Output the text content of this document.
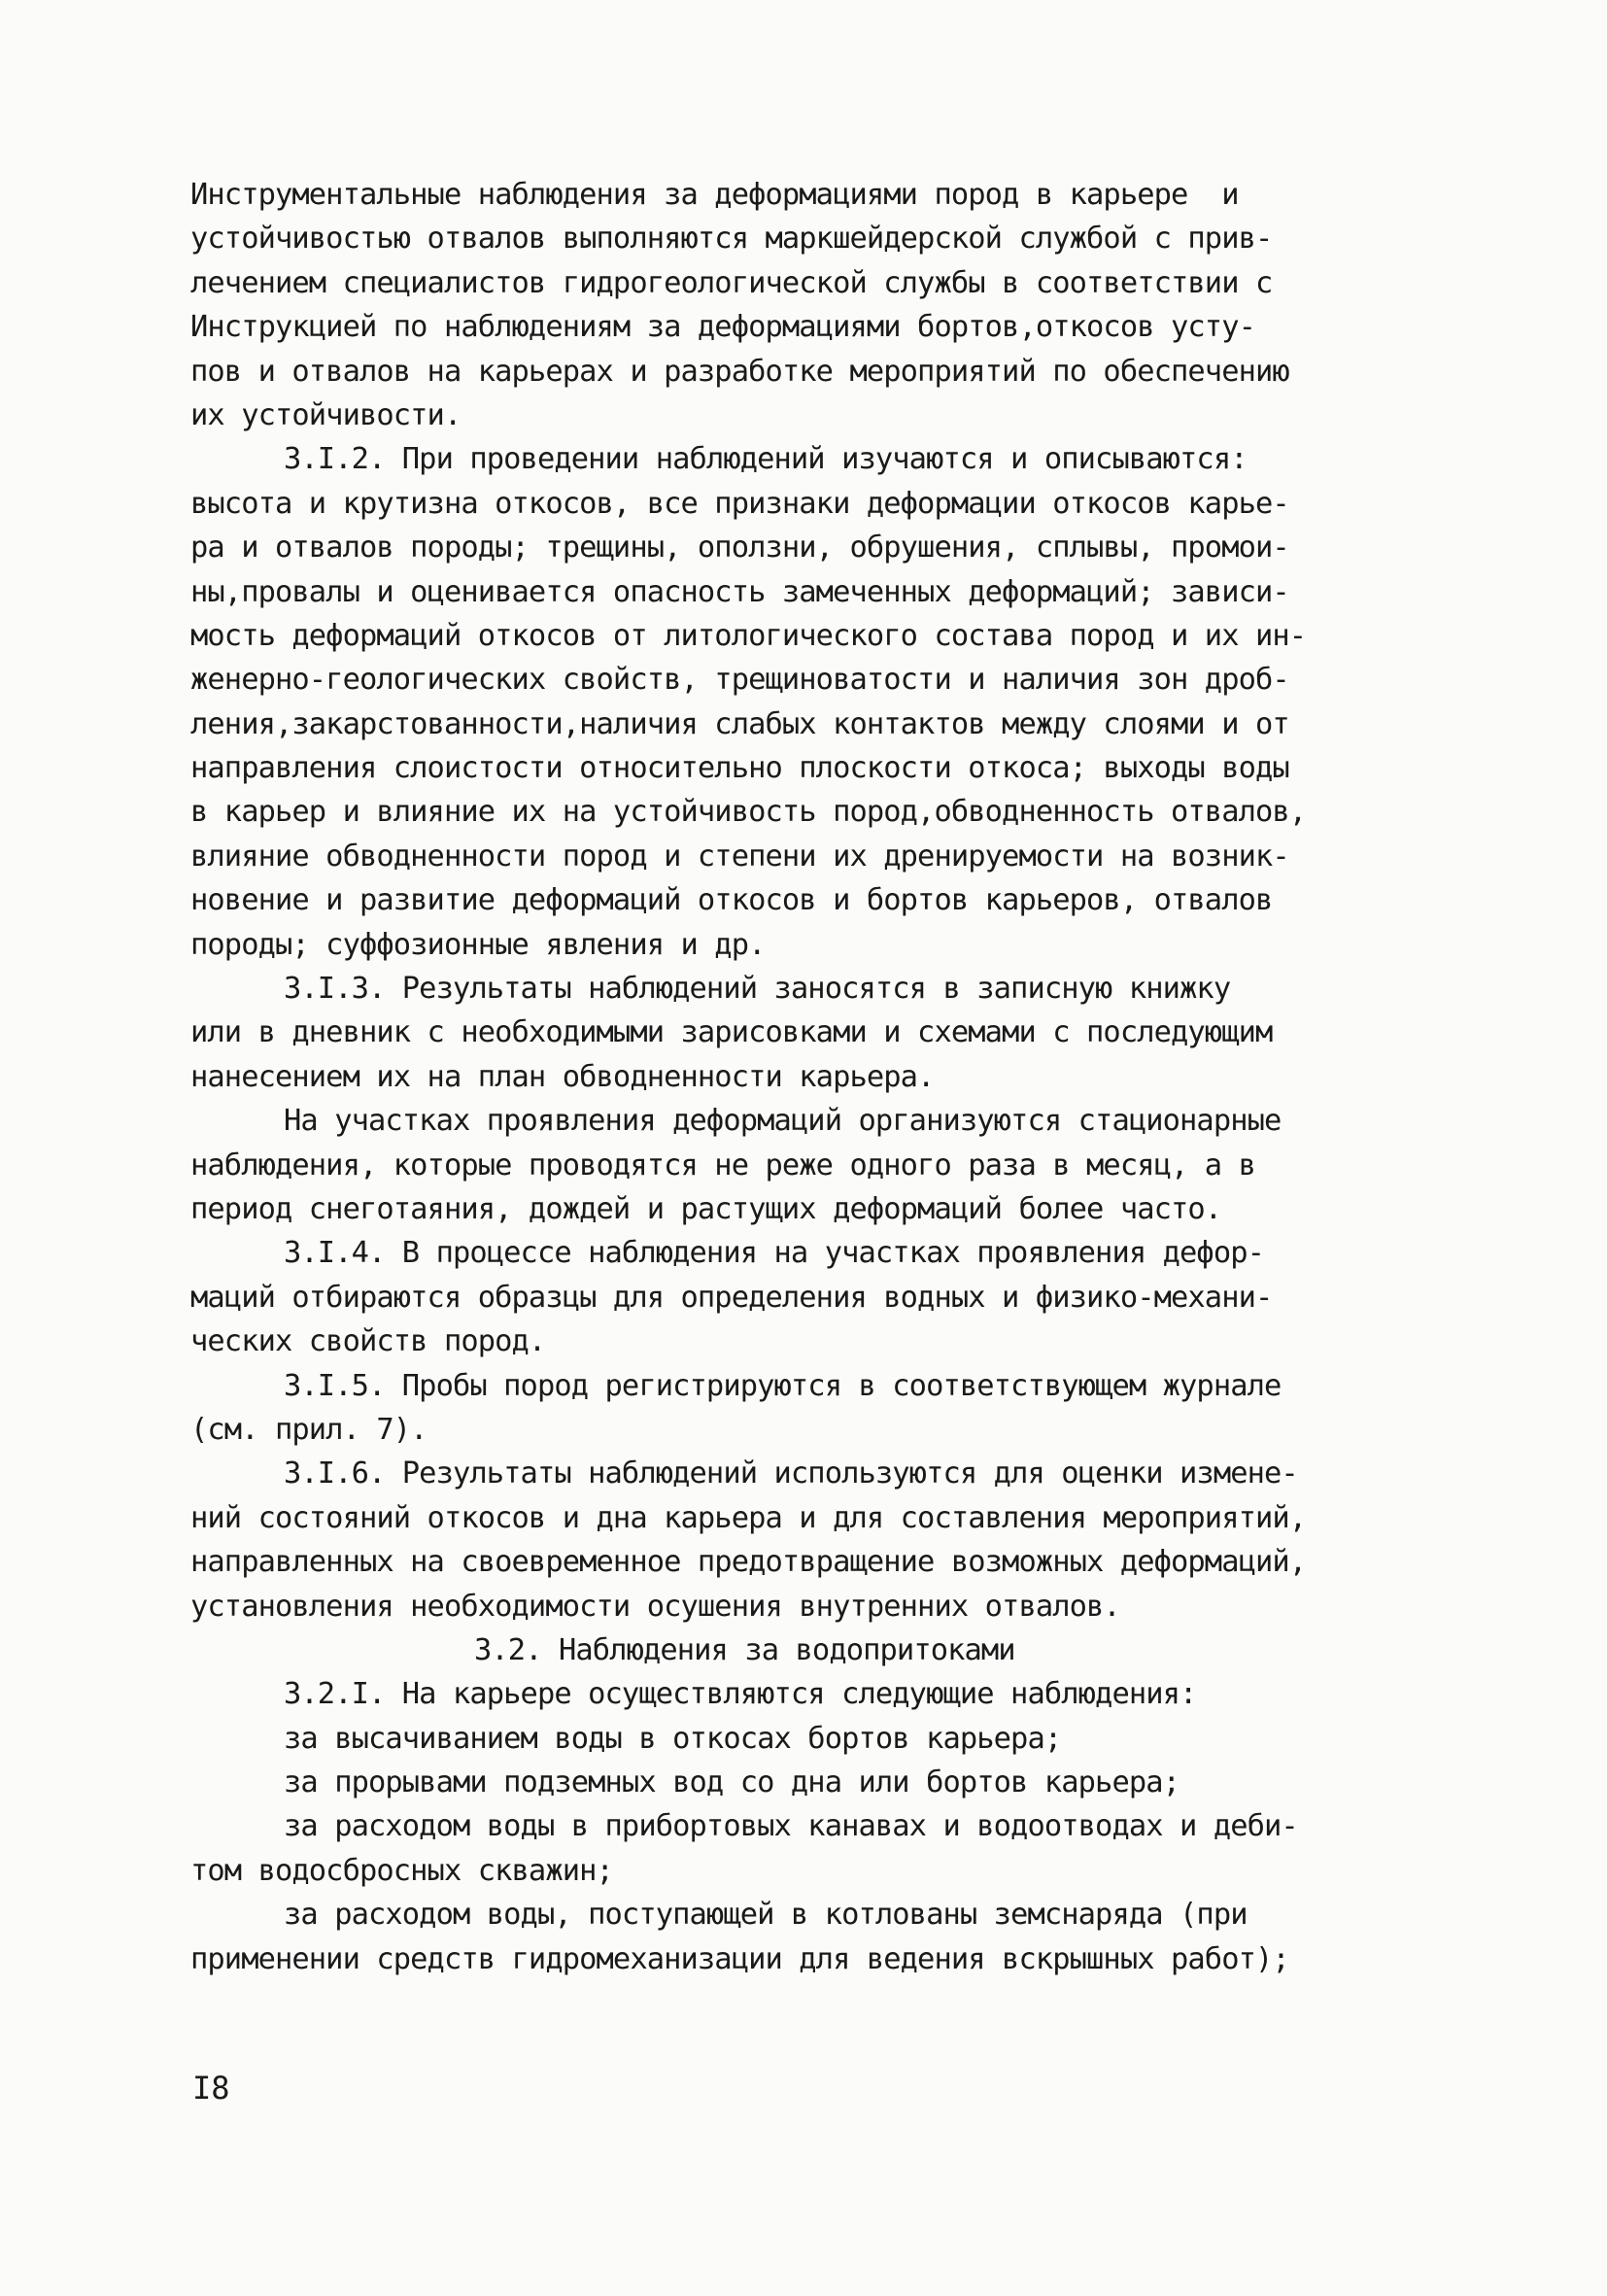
Инструментальные наблюдения за деформациями пород в карьере  и
устойчивостью отвалов выполняются маркшейдерской службой с прив-
лечением специалистов гидрогеологической службы в соответствии с
Инструкцией по наблюдениям за деформациями бортов,откосов усту-
пов и отвалов на карьерах и разработке мероприятий по обеспечению
их устойчивости.
3.I.2. При проведении наблюдений изучаются и описываются:
высота и крутизна откосов, все признаки деформации откосов карье-
ра и отвалов породы; трещины, оползни, обрушения, сплывы, промои-
ны,провалы и оценивается опасность замеченных деформаций; зависи-
мость деформаций откосов от литологического состава пород и их ин-
женерно-геологических свойств, трещиноватости и наличия зон дроб-
ления,закарстованности,наличия слабых контактов между слоями и от
направления слоистости относительно плоскости откоса; выходы воды
в карьер и влияние их на устойчивость пород,обводненность отвалов,
влияние обводненности пород и степени их дренируемости на возник-
новение и развитие деформаций откосов и бортов карьеров, отвалов
породы; суффозионные явления и др.
3.I.3. Результаты наблюдений заносятся в записную книжку
или в дневник с необходимыми зарисовками и схемами с последующим
нанесением их на план обводненности карьера.
На участках проявления деформаций организуются стационарные
наблюдения, которые проводятся не реже одного раза в месяц, а в
период снеготаяния, дождей и растущих деформаций более часто.
3.I.4. В процессе наблюдения на участках проявления дефор-
маций отбираются образцы для определения водных и физико-механи-
ческих свойств пород.
3.I.5. Пробы пород регистрируются в соответствующем журнале
(см. прил. 7).
3.I.6. Результаты наблюдений используются для оценки измене-
ний состояний откосов и дна карьера и для составления мероприятий,
направленных на своевременное предотвращение возможных деформаций,
установления необходимости осушения внутренних отвалов.
3.2. Наблюдения за водопритоками
3.2.I. На карьере осуществляются следующие наблюдения:
за высачиванием воды в откосах бортов карьера;
за прорывами подземных вод со дна или бортов карьера;
за расходом воды в прибортовых канавах и водоотводах и деби-
том водосбросных скважин;
за расходом воды, поступающей в котлованы земснаряда (при
применении средств гидромеханизации для ведения вскрышных работ);
I8
